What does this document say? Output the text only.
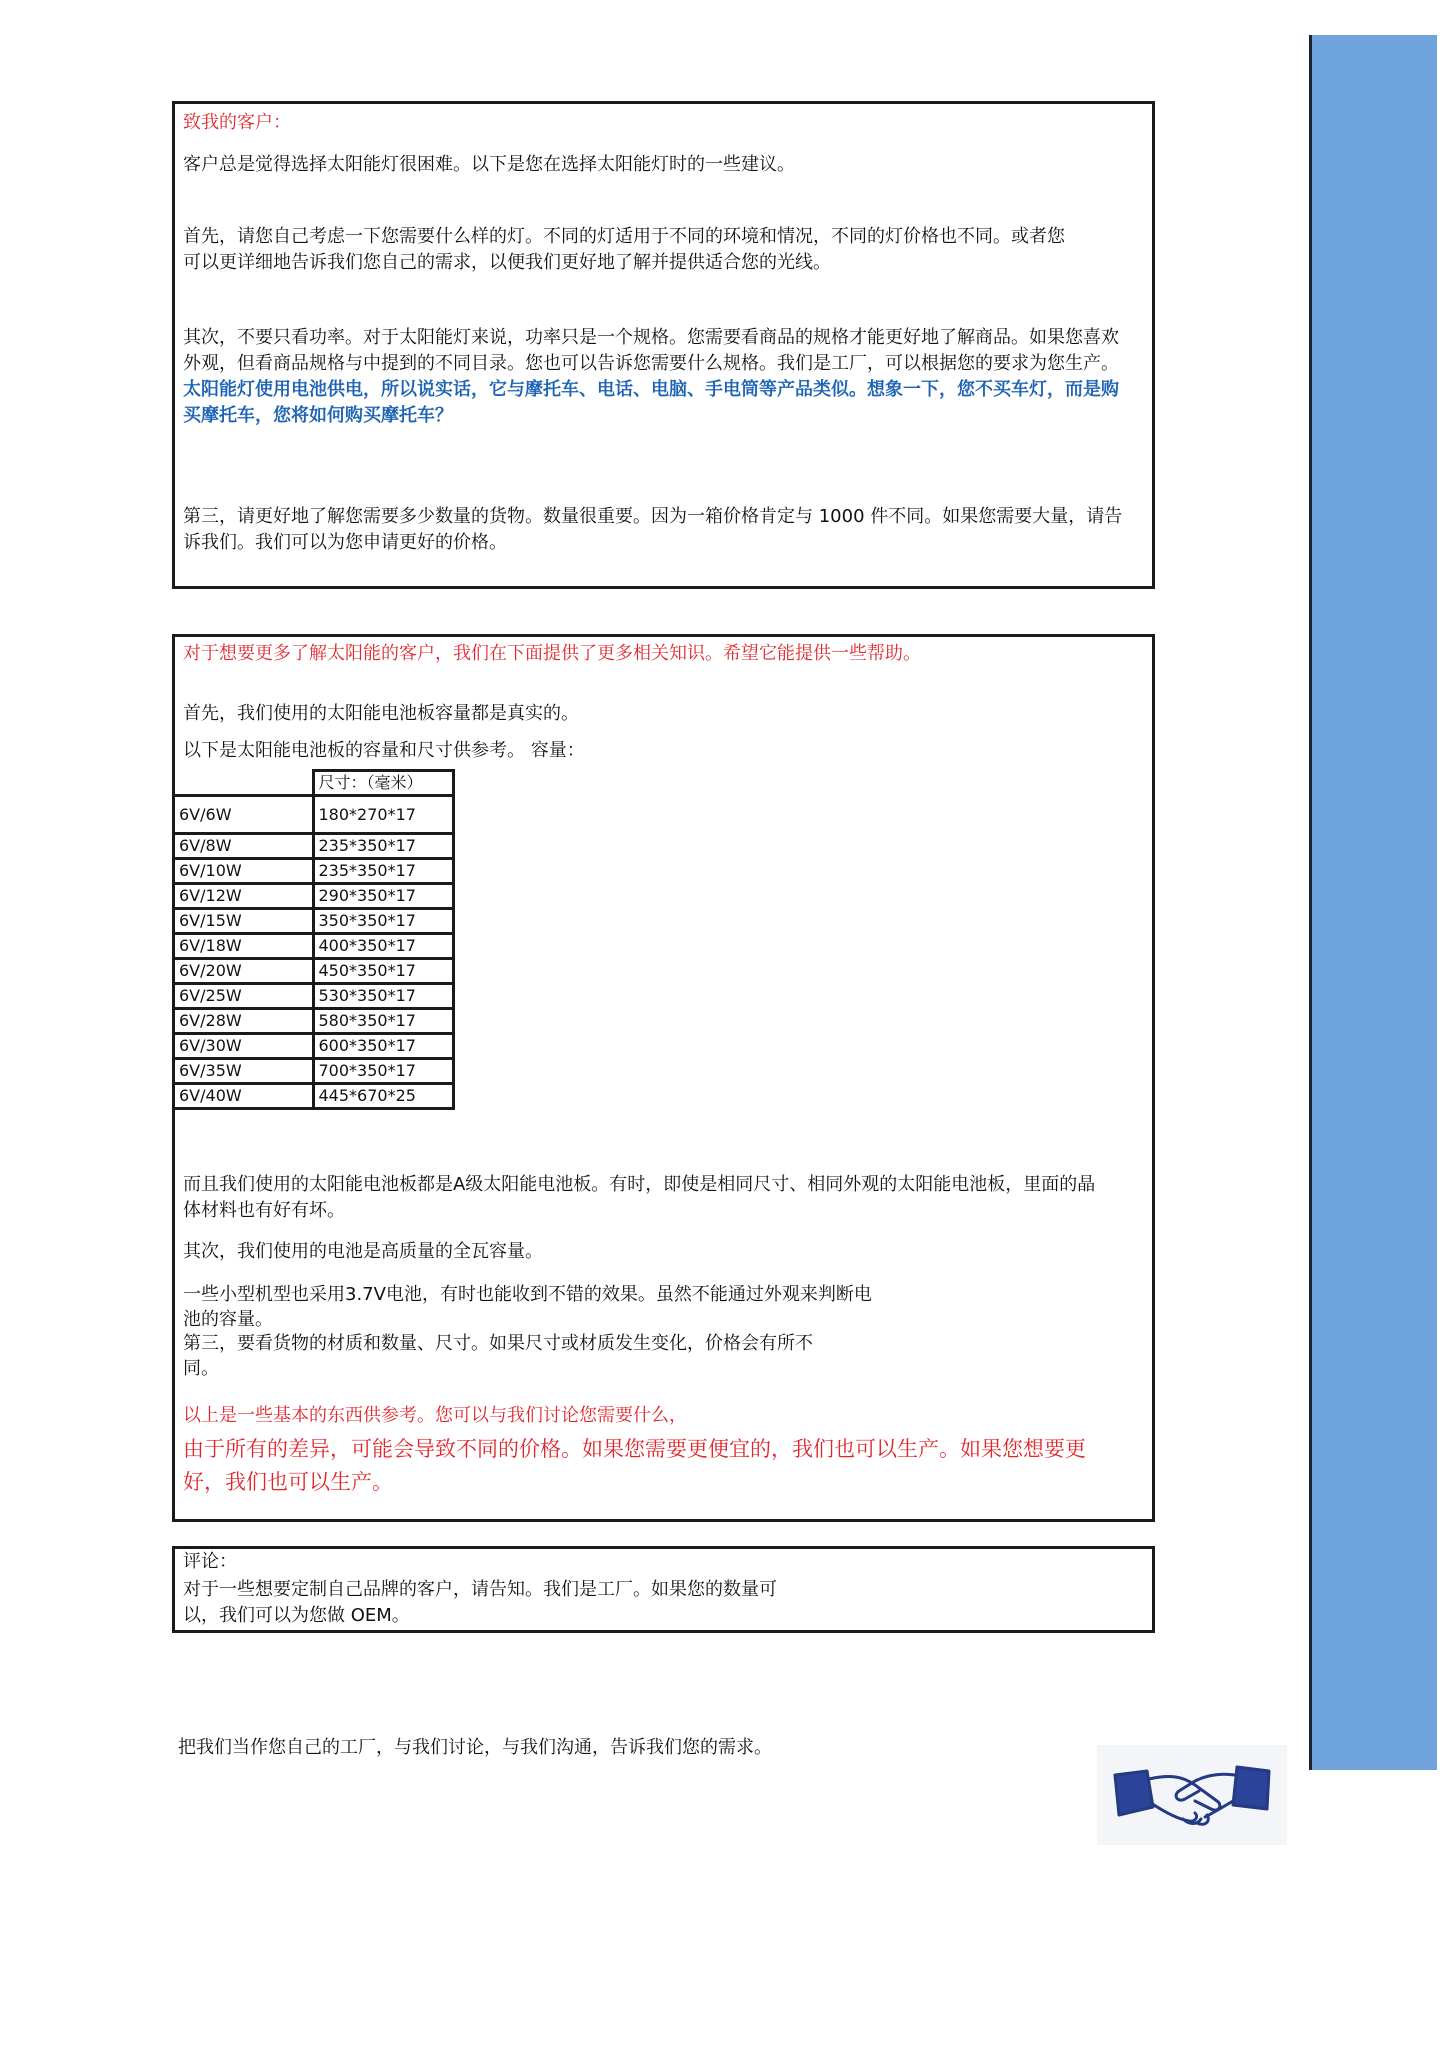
致我的客户：

客户总是觉得选择太阳能灯很困难。以下是您在选择太阳能灯时的一些建议。

首先，请您自己考虑一下您需要什么样的灯。不同的灯适用于不同的环境和情况，不同的灯价格也不同。或者您

可以更详细地告诉我们您自己的需求，以便我们更好地了解并提供适合您的光线。

其次，不要只看功率。对于太阳能灯来说，功率只是一个规格。您需要看商品的规格才能更好地了解商品。如果您喜欢

外观，但看商品规格与中提到的不同目录。您也可以告诉您需要什么规格。我们是工厂，可以根据您的要求为您生产。

太阳能灯使用电池供电，所以说实话，它与摩托车、电话、电脑、手电筒等产品类似。想象一下，您不买车灯，而是购

买摩托车，您将如何购买摩托车？

第三，请更好地了解您需要多少数量的货物。数量很重要。因为一箱价格肯定与 1000 件不同。如果您需要大量，请告

诉我们。我们可以为您申请更好的价格。

对于想要更多了解太阳能的客户，我们在下面提供了更多相关知识。希望它能提供一些帮助。

首先，我们使用的太阳能电池板容量都是真实的。

以下是太阳能电池板的容量和尺寸供参考。 容量：

	尺寸：（毫米）
6V/6W	180*270*17
6V/8W	235*350*17
6V/10W	235*350*17
6V/12W	290*350*17
6V/15W	350*350*17
6V/18W	400*350*17
6V/20W	450*350*17
6V/25W	530*350*17
6V/28W	580*350*17
6V/30W	600*350*17
6V/35W	700*350*17
6V/40W	445*670*25

而且我们使用的太阳能电池板都是A级太阳能电池板。有时，即使是相同尺寸、相同外观的太阳能电池板，里面的晶

体材料也有好有坏。

其次，我们使用的电池是高质量的全瓦容量。

一些小型机型也采用3.7V电池，有时也能收到不错的效果。虽然不能通过外观来判断电

池的容量。

第三，要看货物的材质和数量、尺寸。如果尺寸或材质发生变化，价格会有所不

同。

以上是一些基本的东西供参考。您可以与我们讨论您需要什么，

由于所有的差异，可能会导致不同的价格。如果您需要更便宜的，我们也可以生产。如果您想要更

好，我们也可以生产。

评论：

对于一些想要定制自己品牌的客户，请告知。我们是工厂。如果您的数量可

以，我们可以为您做 OEM。

把我们当作您自己的工厂，与我们讨论，与我们沟通，告诉我们您的需求。
